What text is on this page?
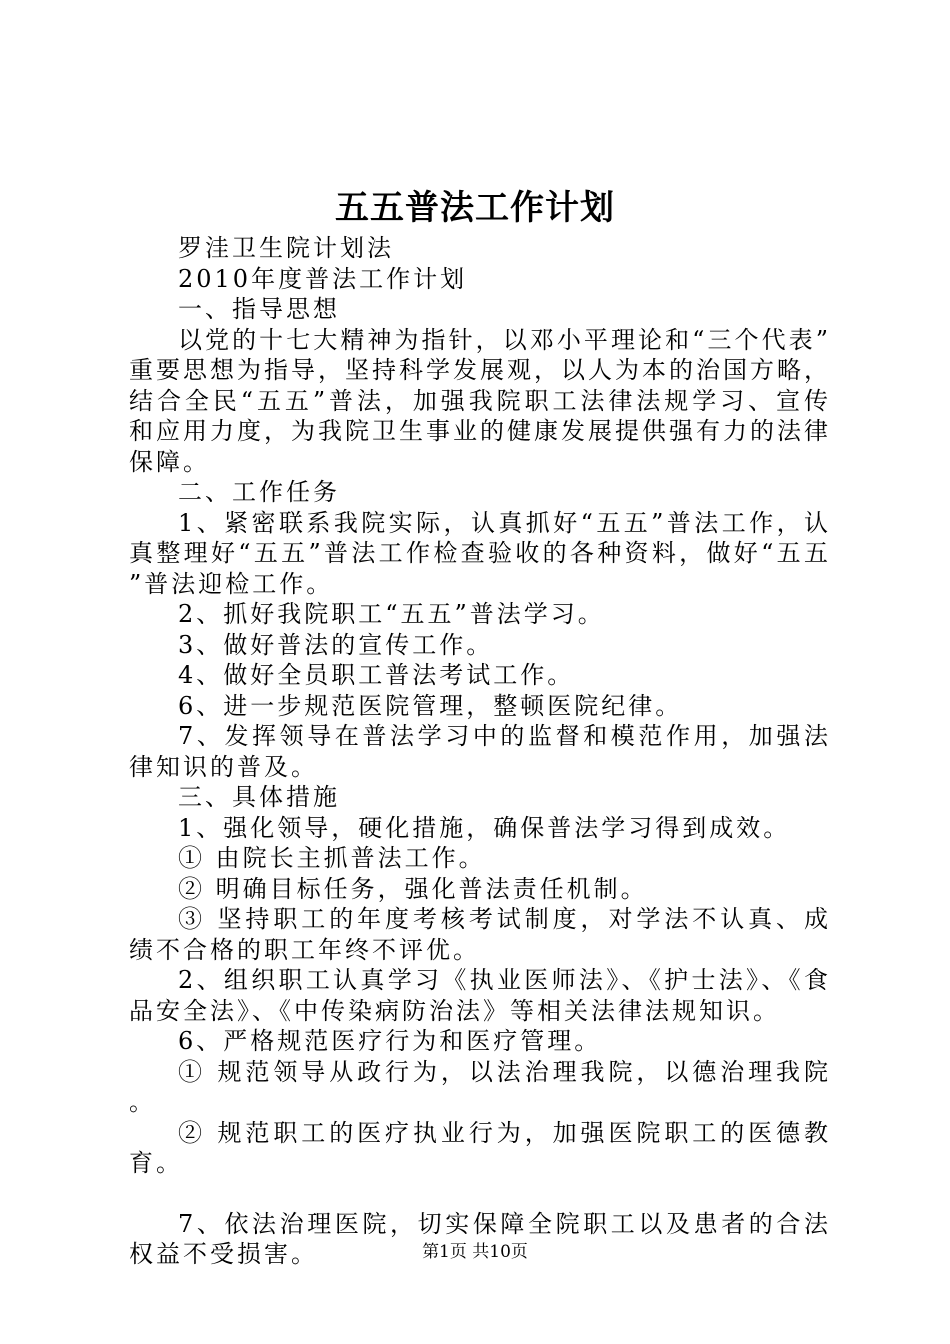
五五普法工作计划

罗洼卫生院计划法

2010年度普法工作计划

一、指导思想

以党的十七大精神为指针，以邓小平理论和“三个代表”重要思想为指导，坚持科学发展观，以人为本的治国方略，结合全民“五五”普法，加强我院职工法律法规学习、宣传和应用力度，为我院卫生事业的健康发展提供强有力的法律保障。

二、工作任务

1、紧密联系我院实际，认真抓好“五五”普法工作，认真整理好“五五”普法工作检查验收的各种资料，做好“五五”普法迎检工作。

2、抓好我院职工“五五”普法学习。

3、做好普法的宣传工作。

4、做好全员职工普法考试工作。

6、进一步规范医院管理，整顿医院纪律。

7、发挥领导在普法学习中的监督和模范作用，加强法律知识的普及。

三、具体措施

1、强化领导，硬化措施，确保普法学习得到成效。

① 由院长主抓普法工作。

② 明确目标任务，强化普法责任机制。

③ 坚持职工的年度考核考试制度，对学法不认真、成绩不合格的职工年终不评优。

2、组织职工认真学习《执业医师法》、《护士法》、《食品安全法》、《中传染病防治法》等相关法律法规知识。

6、严格规范医疗行为和医疗管理。

① 规范领导从政行为，以法治理我院，以德治理我院。

② 规范职工的医疗执业行为，加强医院职工的医德教育。

7、依法治理医院，切实保障全院职工以及患者的合法权益不受损害。	第1页 共10页
